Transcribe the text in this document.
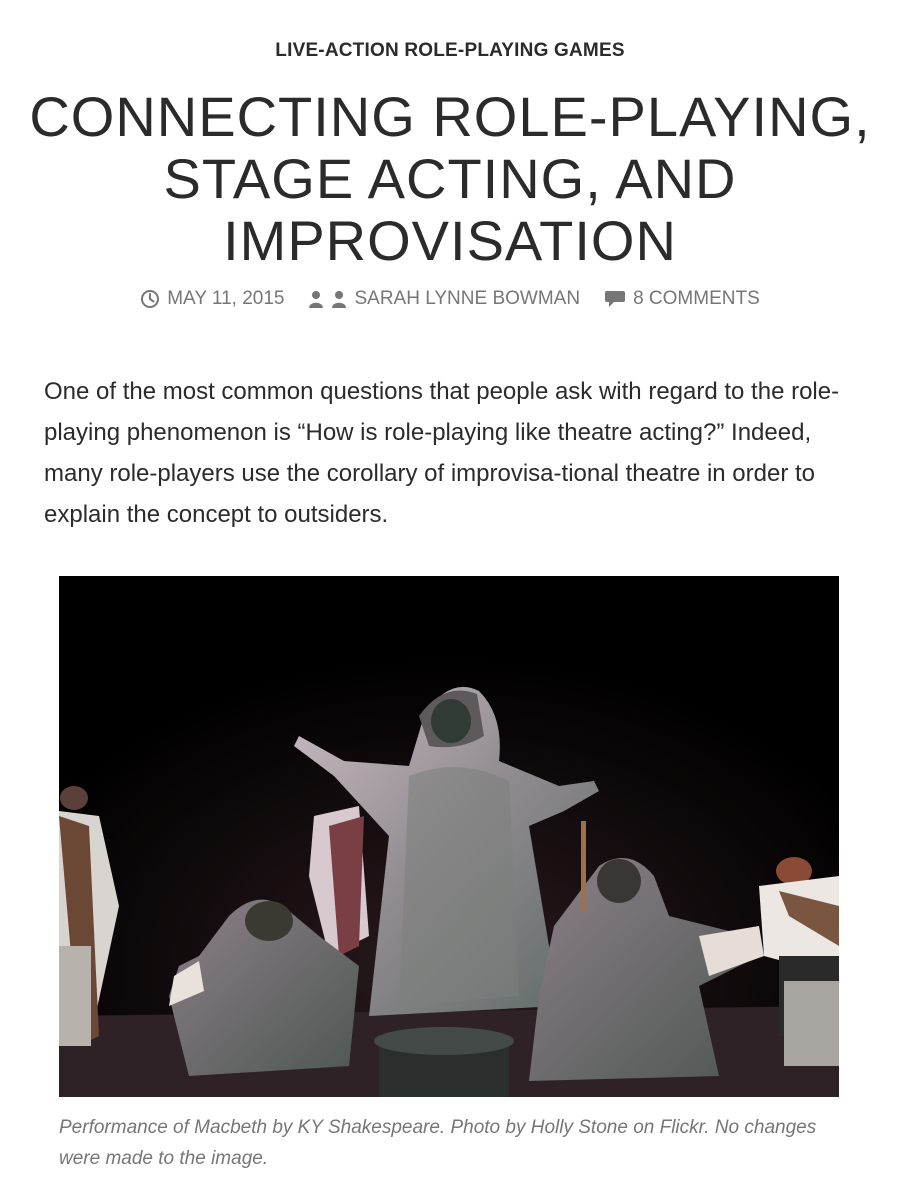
LIVE-ACTION ROLE-PLAYING GAMES
CONNECTING ROLE-PLAYING,
STAGE ACTING, AND
IMPROVISATION
MAY 11, 2015	SARAH LYNNE BOWMAN	8 COMMENTS

One of the most common questions that people ask with regard to the role-playing phenomenon is “How is role-playing like theatre acting?” Indeed, many role-players use the corollary of improvisa-tional theatre in order to explain the concept to outsiders.

Performance of Macbeth by KY Shakespeare. Photo by Holly Stone on Flickr. No changes were made to the image.
